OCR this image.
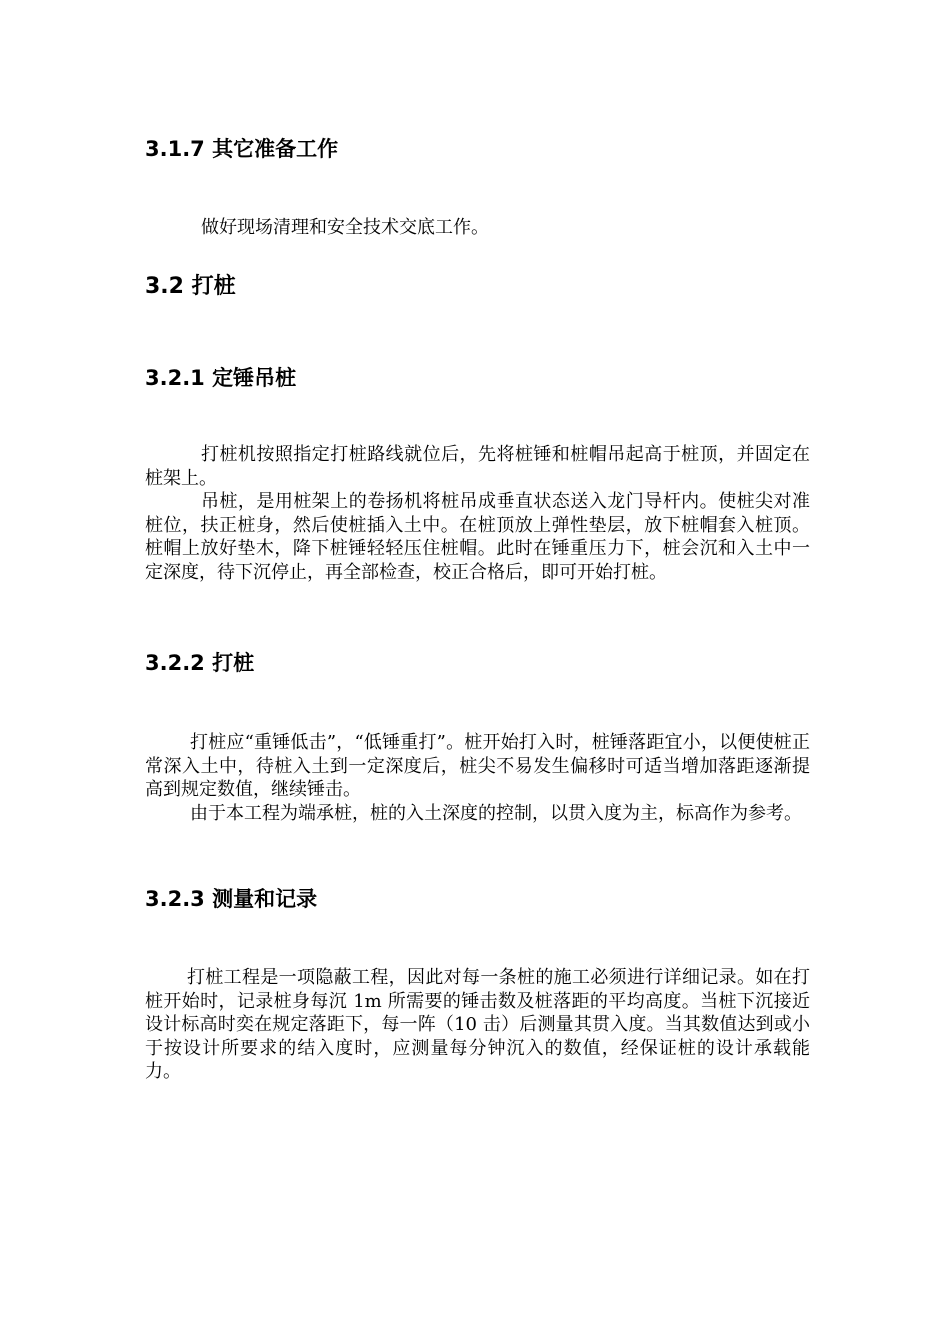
3.1.7 其它准备工作

做好现场清理和安全技术交底工作。

3.2 打桩
3.2.1 定锤吊桩

打桩机按照指定打桩路线就位后，先将桩锤和桩帽吊起高于桩顶，并固定在桩架上。

吊桩，是用桩架上的卷扬机将桩吊成垂直状态送入龙门导杆内。使桩尖对准桩位，扶正桩身，然后使桩插入土中。在桩顶放上弹性垫层，放下桩帽套入桩顶。桩帽上放好垫木，降下桩锤轻轻压住桩帽。此时在锤重压力下，桩会沉和入土中一定深度，待下沉停止，再全部检查，校正合格后，即可开始打桩。

3.2.2 打桩

打桩应“重锤低击”，“低锤重打”。桩开始打入时，桩锤落距宜小，以便使桩正常深入土中，待桩入土到一定深度后，桩尖不易发生偏移时可适当增加落距逐渐提高到规定数值，继续锤击。

由于本工程为端承桩，桩的入土深度的控制，以贯入度为主，标高作为参考。

3.2.3 测量和记录

打桩工程是一项隐蔽工程，因此对每一条桩的施工必须进行详细记录。如在打桩开始时，记录桩身每沉 1m 所需要的锤击数及桩落距的平均高度。当桩下沉接近设计标高时奕在规定落距下，每一阵（10 击）后测量其贯入度。当其数值达到或小于按设计所要求的结入度时，应测量每分钟沉入的数值，经保证桩的设计承载能力。
